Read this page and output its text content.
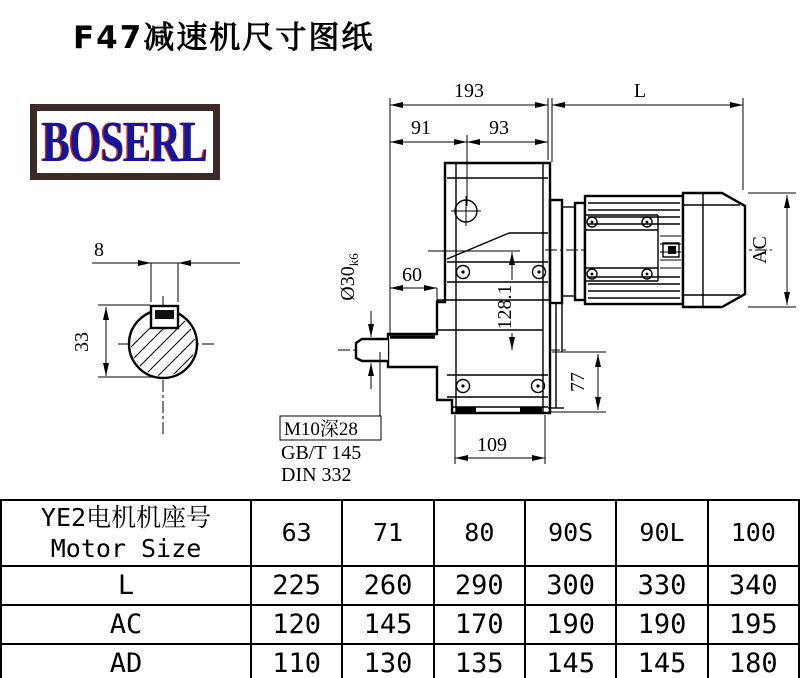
F47减速机尺寸图纸
BOSERL
8
33
193	L
91	93
60
$Ø30_{k6}$
128.1
AC
77
109
M10深28
GB/T 145
DIN 332
YE2电机机座号
Motor Size	63	71	80	90S	90L	100
L	225	260	290	300	330	340
AC	120	145	170	190	190	195
AD	110	130	135	145	145	180
